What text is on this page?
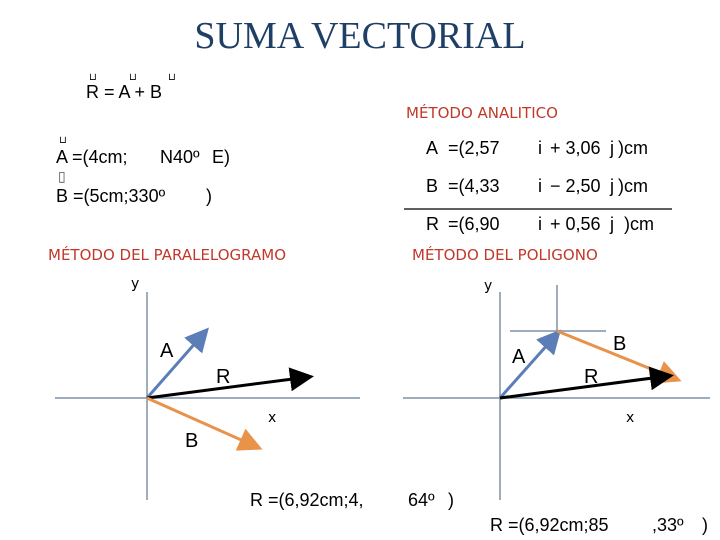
SUMA VECTORIAL
⊔	⊔	⊔
R = A + B
⊔
A =(4cm; N40º E)
▯
B =(5cm;330º )
MÉTODO ANALITICO
A =(2,57 i + 3,06 j )cm
B =(4,33 i − 2,50 j )cm
R =(6,90 i + 0,56 j )cm
MÉTODO DEL PARALELOGRAMO	MÉTODO DEL POLIGONO
y
x
A
R
B
y
x
A
B
R
R =(6,92cm;4, 64º )
R =(6,92cm;85 ,33º )
